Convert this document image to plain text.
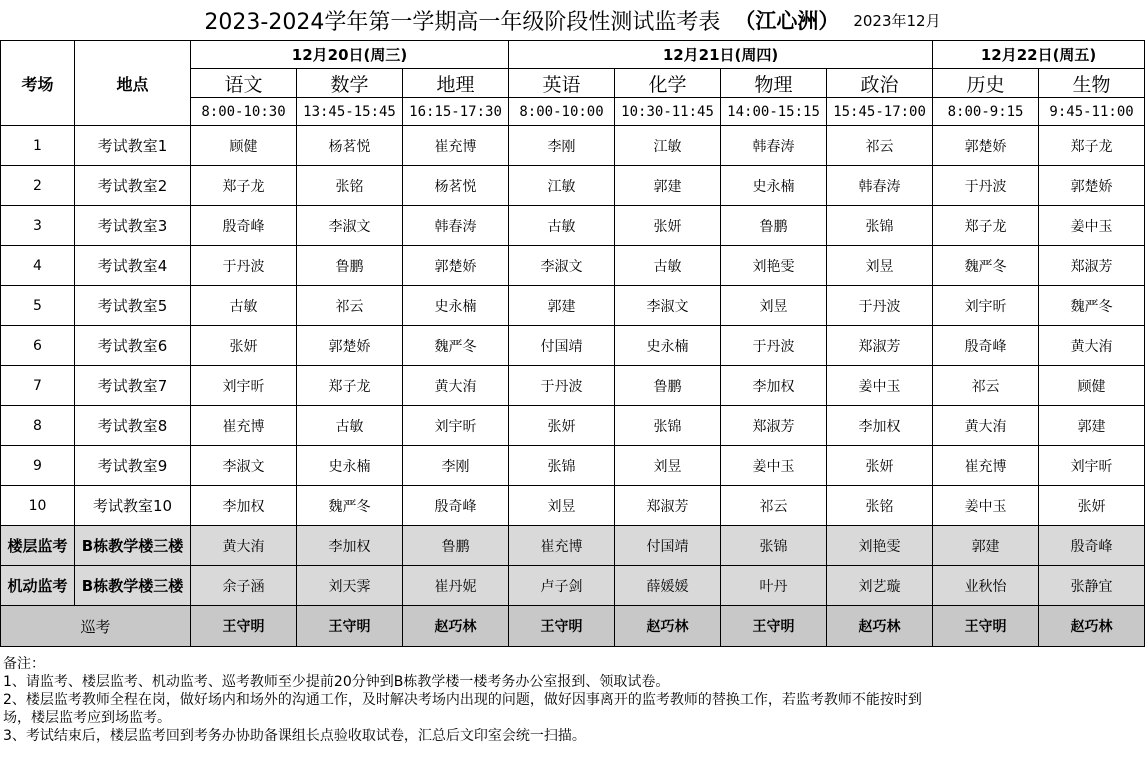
2023-2024学年第一学期高一年级阶段性测试监考表 （江心洲） 2023年12月
考场	地点	12月20日(周三)			12月21日(周四)				12月22日(周五)	
		语文	数学	地理	英语	化学	物理	政治	历史	生物
		8:00-10:30	13:45-15:45	16:15-17:30	8:00-10:00	10:30-11:45	14:00-15:15	15:45-17:00	8:00-9:15	9:45-11:00
1	考试教室1	顾健	杨茗悦	崔充博	李刚	江敏	韩春涛	祁云	郭楚娇	郑子龙
2	考试教室2	郑子龙	张铭	杨茗悦	江敏	郭建	史永楠	韩春涛	于丹波	郭楚娇
3	考试教室3	殷奇峰	李淑文	韩春涛	古敏	张妍	鲁鹏	张锦	郑子龙	姜中玉
4	考试教室4	于丹波	鲁鹏	郭楚娇	李淑文	古敏	刘艳雯	刘昱	魏严冬	郑淑芳
5	考试教室5	古敏	祁云	史永楠	郭建	李淑文	刘昱	于丹波	刘宇昕	魏严冬
6	考试教室6	张妍	郭楚娇	魏严冬	付国靖	史永楠	于丹波	郑淑芳	殷奇峰	黄大洧
7	考试教室7	刘宇昕	郑子龙	黄大洧	于丹波	鲁鹏	李加权	姜中玉	祁云	顾健
8	考试教室8	崔充博	古敏	刘宇昕	张妍	张锦	郑淑芳	李加权	黄大洧	郭建
9	考试教室9	李淑文	史永楠	李刚	张锦	刘昱	姜中玉	张妍	崔充博	刘宇昕
10	考试教室10	李加权	魏严冬	殷奇峰	刘昱	郑淑芳	祁云	张铭	姜中玉	张妍
楼层监考	B栋教学楼三楼	黄大洧	李加权	鲁鹏	崔充博	付国靖	张锦	刘艳雯	郭建	殷奇峰
机动监考	B栋教学楼三楼	余子涵	刘天霁	崔丹妮	卢子剑	薛媛媛	叶丹	刘艺璇	业秋怡	张静宜
巡考		王守明	王守明	赵巧林	王守明	赵巧林	王守明	赵巧林	王守明	赵巧林
备注：
1、请监考、楼层监考、机动监考、巡考教师至少提前20分钟到B栋教学楼一楼考务办公室报到、领取试卷。
2、楼层监考教师全程在岗，做好场内和场外的沟通工作，及时解决考场内出现的问题，做好因事离开的监考教师的替换工作，若监考教师不能按时到
场，楼层监考应到场监考。
3、考试结束后，楼层监考回到考务办协助备课组长点验收取试卷，汇总后文印室会统一扫描。
